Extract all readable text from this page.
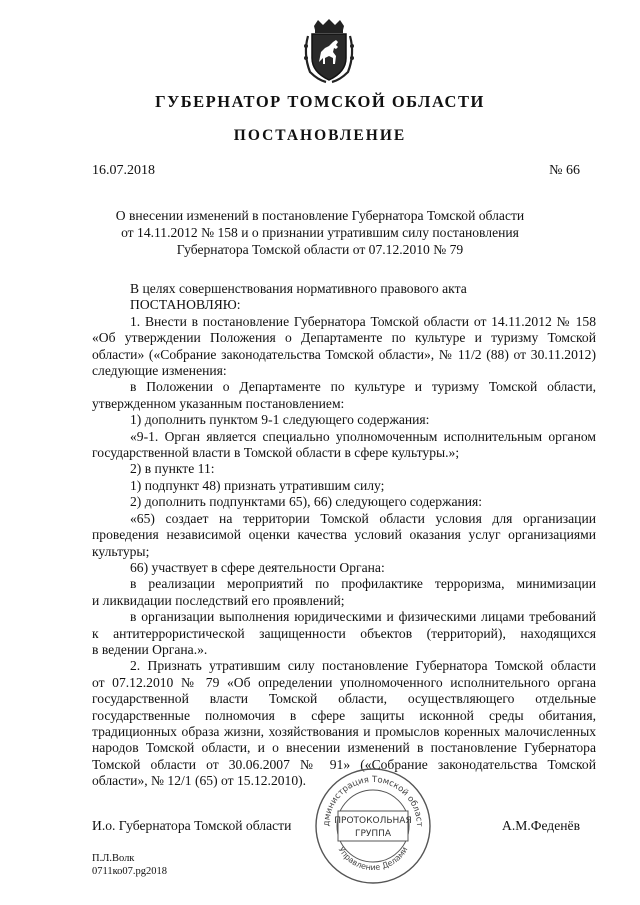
ГУБЕРНАТОР ТОМСКОЙ ОБЛАСТИ
ПОСТАНОВЛЕНИЕ
16.07.2018	№ 66
О внесении изменений в постановление Губернатора Томской области
от 14.11.2012 № 158 и о признании утратившим силу постановления
Губернатора Томской области от 07.12.2010 № 79
В целях совершенствования нормативного правового акта
ПОСТАНОВЛЯЮ:
1. Внести в постановление Губернатора Томской области от 14.11.2012 № 158
«Об утверждении Положения о Департаменте по культуре и туризму Томской
области» («Собрание законодательства Томской области», № 11/2 (88) от 30.11.2012)
следующие изменения:
в Положении о Департаменте по культуре и туризму Томской области,
утвержденном указанным постановлением:
1) дополнить пунктом 9-1 следующего содержания:
«9-1. Орган является специально уполномоченным исполнительным органом
государственной власти в Томской области в сфере культуры.»;
2) в пункте 11:
1) подпункт 48) признать утратившим силу;
2) дополнить подпунктами 65), 66) следующего содержания:
«65) создает на территории Томской области условия для организации
проведения независимой оценки качества условий оказания услуг организациями
культуры;
66) участвует в сфере деятельности Органа:
в реализации мероприятий по профилактике терроризма, минимизации
и ликвидации последствий его проявлений;
в организации выполнения юридическими и физическими лицами требований
к антитеррористической защищенности объектов (территорий), находящихся
в ведении Органа.».
2. Признать утратившим силу постановление Губернатора Томской области
от 07.12.2010 № 79 «Об определении уполномоченного исполнительного органа
государственной власти Томской области, осуществляющего отдельные
государственные полномочия в сфере защиты исконной среды обитания,
традиционных образа жизни, хозяйствования и промыслов коренных малочисленных
народов Томской области, и о внесении изменений в постановление Губернатора
Томской области от 30.06.2007 № 91» («Собрание законодательства Томской
области», № 12/1 (65) от 15.12.2010).
И.о. Губернатора Томской области	А.М.Феденёв
дминистрация Томской област
Управление Делами
ПРОТОКОЛЬНАЯ
ГРУППА
П.Л.Волк
0711ко07.pg2018
